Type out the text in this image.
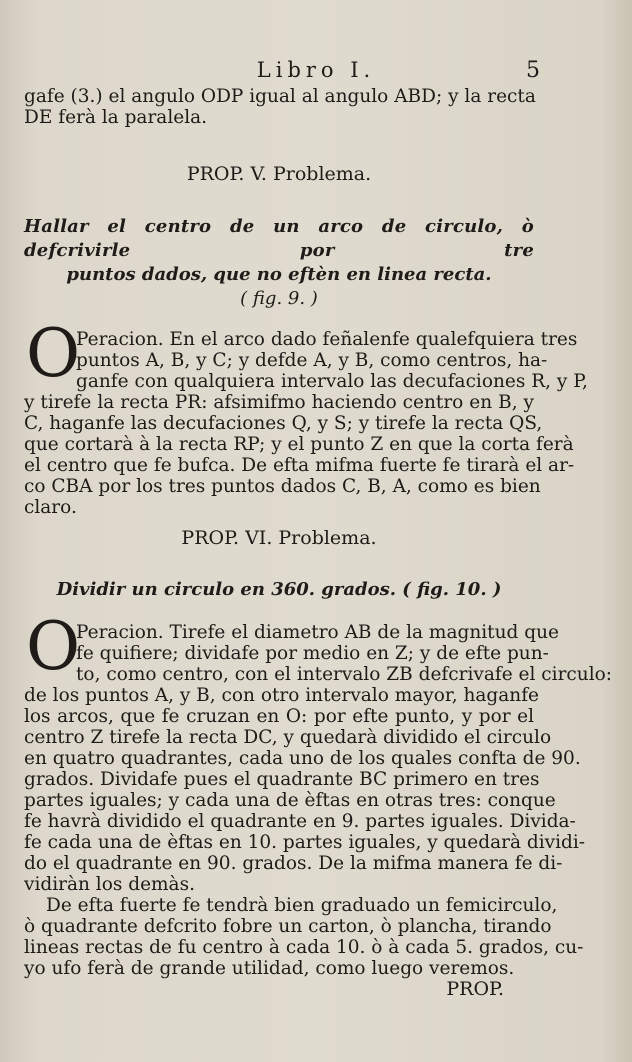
Libro I.	5
gafe (3.) el angulo ODP igual al angulo ABD; y la recta
DE ferà la paralela.
PROP. V. Problema.
Hallar el centro de un arco de circulo, ò defcrivirle por tre
puntos dados, que no eftèn en linea recta.
( fig. 9. )
O
Peracion. En el arco dado feñalenfe qualefquiera tres
puntos A, B, y C; y defde A, y B, como centros, ha-
ganfe con qualquiera intervalo las decufaciones R, y P,
y tirefe la recta PR: afsimifmo haciendo centro en B, y
C, haganfe las decufaciones Q, y S; y tirefe la recta QS,
que cortarà à la recta RP; y el punto Z en que la corta ferà
el centro que fe bufca. De efta mifma fuerte fe tirarà el ar-
co CBA por los tres puntos dados C, B, A, como es bien
claro.
PROP. VI. Problema.
Dividir un circulo en 360. grados. ( fig. 10. )
O
Peracion. Tirefe el diametro AB de la magnitud que
fe quifiere; dividafe por medio en Z; y de efte pun-
to, como centro, con el intervalo ZB defcrivafe el circulo:
de los puntos A, y B, con otro intervalo mayor, haganfe
los arcos, que fe cruzan en O: por efte punto, y por el
centro Z tirefe la recta DC, y quedarà dividido el circulo
en quatro quadrantes, cada uno de los quales confta de 90.
grados. Dividafe pues el quadrante BC primero en tres
partes iguales; y cada una de èftas en otras tres: conque
fe havrà dividido el quadrante en 9. partes iguales. Divida-
fe cada una de èftas en 10. partes iguales, y quedarà dividi-
do el quadrante en 90. grados. De la mifma manera fe di-
vidiràn los demàs.
De efta fuerte fe tendrà bien graduado un femicirculo,
ò quadrante defcrito fobre un carton, ò plancha, tirando
lineas rectas de fu centro à cada 10. ò à cada 5. grados, cu-
yo ufo ferà de grande utilidad, como luego veremos.
PROP.
